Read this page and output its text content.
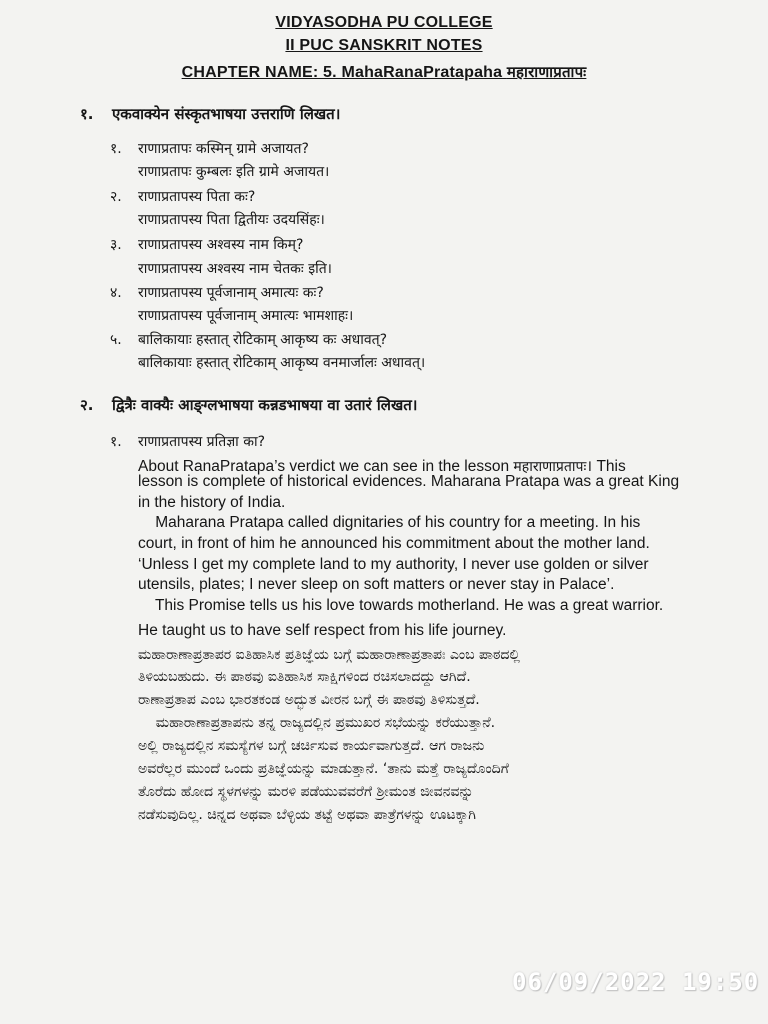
VIDYASODHA PU COLLEGE
II PUC SANSKRIT NOTES
CHAPTER NAME: 5. MahaRanaPratapaha महाराणाप्रतापः
१. एकवाक्येन संस्कृतभाषया उत्तराणि लिखत।
१. राणाप्रतापः कस्मिन् ग्रामे अजायत?
राणाप्रतापः कुम्बलः इति ग्रामे अजायत।
२. राणाप्रतापस्य पिता कः?
राणाप्रतापस्य पिता द्वितीयः उदयसिंहः।
३. राणाप्रतापस्य अश्वस्य नाम किम्?
राणाप्रतापस्य अश्वस्य नाम चेतकः इति।
४. राणाप्रतापस्य पूर्वजानाम् अमात्यः कः?
राणाप्रतापस्य पूर्वजानाम् अमात्यः भामशाहः।
५. बालिकायाः हस्तात् रोटिकाम् आकृष्य कः अधावत्?
बालिकायाः हस्तात् रोटिकाम् आकृष्य वनमार्जालः अधावत्।
२. द्वित्रैः वाक्यैः आङ्ग्लभाषया कन्नडभाषया वा उतारं लिखत।
१. राणाप्रतापस्य प्रतिज्ञा का?
About RanaPratapa’s verdict we can see in the lesson महाराणाप्रतापः। This
lesson is complete of historical evidences. Maharana Pratapa was a great King
in the history of India.
Maharana Pratapa called dignitaries of his country for a meeting. In his
court, in front of him he announced his commitment about the mother land.
‘Unless I get my complete land to my authority, I never use golden or silver
utensils, plates; I never sleep on soft matters or never stay in Palace’.
This Promise tells us his love towards motherland. He was a great warrior.
He taught us to have self respect from his life journey.
ಮಹಾರಾಣಾಪ್ರತಾಪರ ಐತಿಹಾಸಿಕ ಪ್ರತಿಜ್ಞೆಯ ಬಗ್ಗೆ ಮಹಾರಾಣಾಪ್ರತಾಪಃ ಎಂಬ ಪಾಠದಲ್ಲಿ
ತಿಳಿಯಬಹುದು. ಈ ಪಾಠವು ಐತಿಹಾಸಿಕ ಸಾಕ್ಷಿಗಳಿಂದ ರಚಿಸಲಾದದ್ದು ಆಗಿದೆ.
ರಾಣಾಪ್ರತಾಪ ಎಂಬ ಭಾರತಕಂಡ ಅದ್ಭುತ ವೀರನ ಬಗ್ಗೆ ಈ ಪಾಠವು ತಿಳಿಸುತ್ತದೆ.
ಮಹಾರಾಣಾಪ್ರತಾಪನು ತನ್ನ ರಾಜ್ಯದಲ್ಲಿನ ಪ್ರಮುಖರ ಸಭೆಯನ್ನು ಕರೆಯುತ್ತಾನೆ.
ಅಲ್ಲಿ ರಾಜ್ಯದಲ್ಲಿನ ಸಮಸ್ಯೆಗಳ ಬಗ್ಗೆ ಚರ್ಚಿಸುವ ಕಾರ್ಯವಾಗುತ್ತದೆ. ಆಗ ರಾಜನು
ಅವರೆಲ್ಲರ ಮುಂದೆ ಒಂದು ಪ್ರತಿಜ್ಞೆಯನ್ನು ಮಾಡುತ್ತಾನೆ. ‘ತಾನು ಮತ್ತೆ ರಾಜ್ಯದೊಂದಿಗೆ
ತೊರೆದು ಹೋದ ಸ್ಥಳಗಳನ್ನು ಮರಳಿ ಪಡೆಯುವವರೆಗೆ ಶ್ರೀಮಂತ ಜೀವನವನ್ನು
ನಡೆಸುವುದಿಲ್ಲ. ಚಿನ್ನದ ಅಥವಾ ಬೆಳ್ಳಿಯ ತಟ್ಟೆ ಅಥವಾ ಪಾತ್ರೆಗಳನ್ನು ಊಟಕ್ಕಾಗಿ
06/09/2022 19:50
